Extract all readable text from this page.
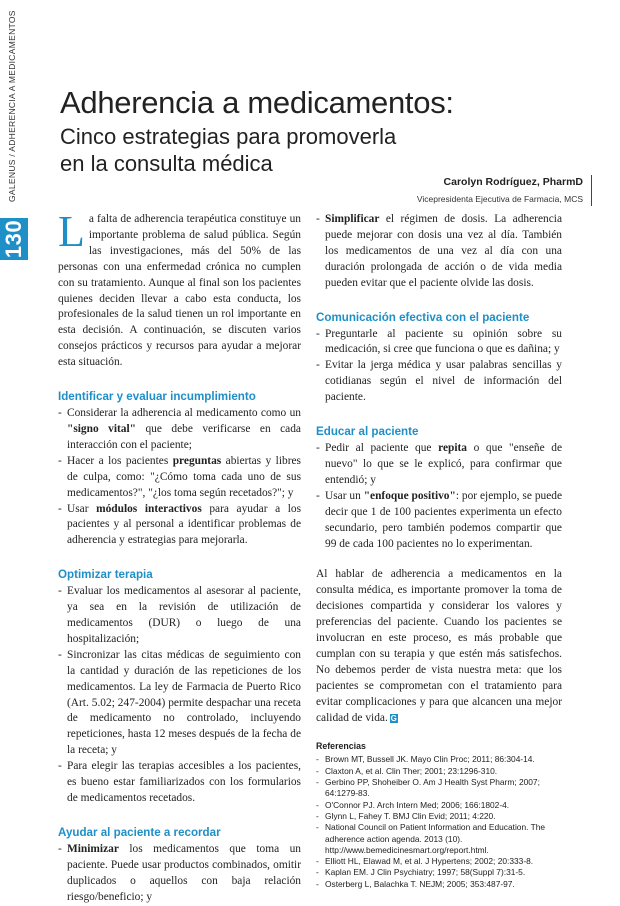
130
GALENUS / ADHERENCIA A MEDICAMENTOS Adherencia a medicamentos:
Cinco estrategias para promoverla
en la consulta médica
Carolyn Rodríguez, PharmD
Vicepresidenta Ejecutiva de Farmacia, MCS

La falta de adherencia terapéutica constituye un importante problema de salud pública. Según las investigaciones, más del 50% de las personas con una enfermedad crónica no cumplen con su tratamiento. Aunque al final son los pacientes quienes deciden llevar a cabo esta conducta, los profesionales de la salud tienen un rol importante en esta decisión. A continuación, se discuten varios consejos prácticos y recursos para ayudar a mejorar esta situación.

Identificar y evaluar incumplimiento
- Considerar la adherencia al medicamento como un "signo vital" que debe verificarse en cada interacción con el paciente;
- Hacer a los pacientes preguntas abiertas y libres de culpa, como: "¿Cómo toma cada uno de sus medicamentos?", "¿los toma según recetados?"; y
- Usar módulos interactivos para ayudar a los pacientes y al personal a identificar problemas de adherencia y estrategias para mejorarla.
Optimizar terapia
- Evaluar los medicamentos al asesorar al paciente, ya sea en la revisión de utilización de medicamentos (DUR) o luego de una hospitalización;
- Sincronizar las citas médicas de seguimiento con la cantidad y duración de las repeticiones de los medicamentos. La ley de Farmacia de Puerto Rico (Art. 5.02; 247-2004) permite despachar una receta de medicamento no controlado, incluyendo repeticiones, hasta 12 meses después de la fecha de la receta; y
- Para elegir las terapias accesibles a los pacientes, es bueno estar familiarizados con los formularios de medicamentos recetados.
Ayudar al paciente a recordar
- Minimizar los medicamentos que toma un paciente. Puede usar productos combinados, omitir duplicados o aquellos con baja relación riesgo/beneficio; y
- Simplificar el régimen de dosis. La adherencia puede mejorar con dosis una vez al día. También los medicamentos de una vez al día con una duración prolongada de acción o de vida media pueden evitar que el paciente olvide las dosis.
Comunicación efectiva con el paciente
- Preguntarle al paciente su opinión sobre su medicación, si cree que funciona o que es dañina; y
- Evitar la jerga médica y usar palabras sencillas y cotidianas según el nivel de información del paciente.
Educar al paciente
- Pedir al paciente que repita o que "enseñe de nuevo" lo que se le explicó, para confirmar que entendió; y
- Usar un "enfoque positivo": por ejemplo, se puede decir que 1 de 100 pacientes experimenta un efecto secundario, pero también podemos compartir que 99 de cada 100 pacientes no lo experimentan.

Al hablar de adherencia a medicamentos en la consulta médica, es importante promover la toma de decisiones compartida y considerar los valores y preferencias del paciente. Cuando los pacientes se involucran en este proceso, es más probable que cumplan con su terapia y que estén más satisfechos. No debemos perder de vista nuestra meta: que los pacientes se comprometan con el tratamiento para evitar complicaciones y para que alcancen una mejor calidad de vida. G

Referencias
- Brown MT, Bussell JK. Mayo Clin Proc; 2011; 86:304-14.
- Claxton A, et al. Clin Ther; 2001; 23:1296-310.
- Gerbino PP, Shoheiber O. Am J Health Syst Pharm; 2007; 64:1279-83.
- O'Connor PJ. Arch Intern Med; 2006; 166:1802-4.
- Glynn L, Fahey T. BMJ Clin Evid; 2011; 4:220.
- National Council on Patient Information and Education. The adherence action agenda. 2013 (10). http://www.bemedicinesmart.org/report.html.
- Elliott HL, Elawad M, et al. J Hypertens; 2002; 20:333-8.
- Kaplan EM. J Clin Psychiatry; 1997; 58(Suppl 7):31-5.
- Osterberg L, Balachka T. NEJM; 2005; 353:487-97.
